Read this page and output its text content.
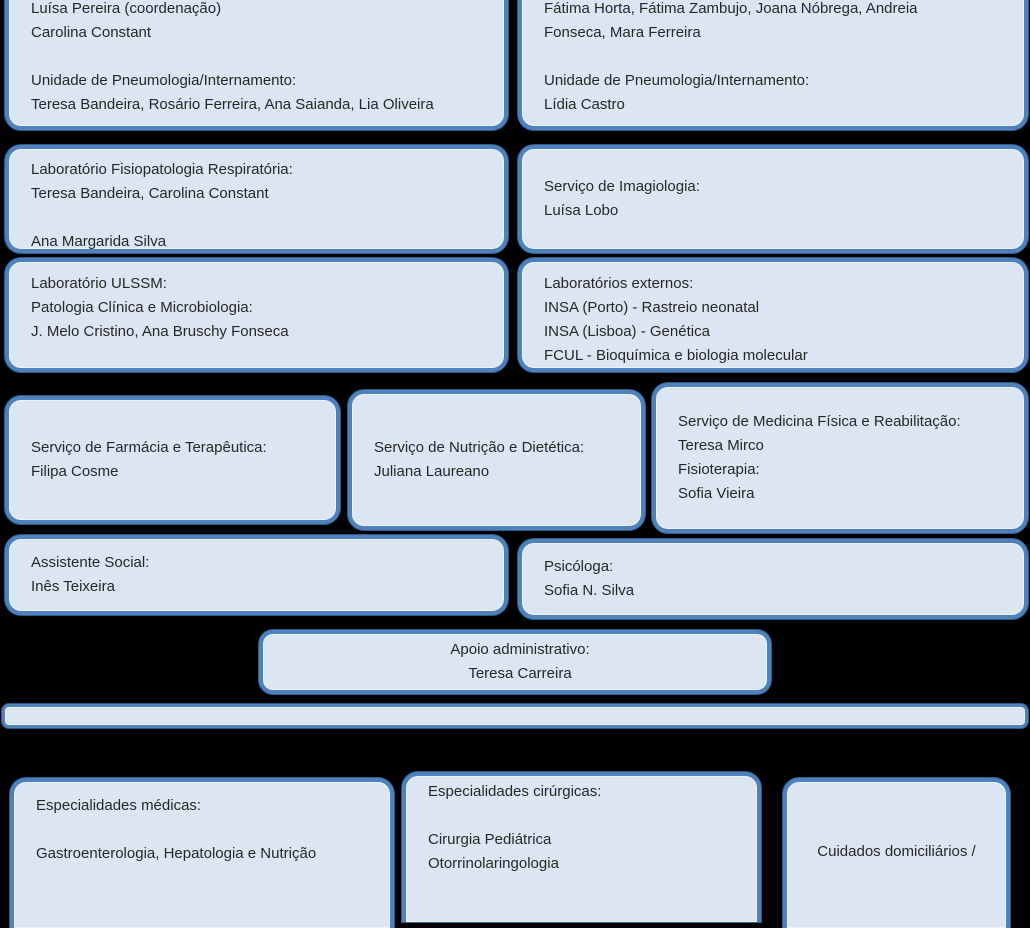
Luísa Pereira (coordenação)
Carolina Constant
Unidade de Pneumologia/Internamento:
Teresa Bandeira, Rosário Ferreira, Ana Saianda, Lia Oliveira
Fátima Horta, Fátima Zambujo, Joana Nóbrega, Andreia
Fonseca, Mara Ferreira
Unidade de Pneumologia/Internamento:
Lídia Castro
Laboratório Fisiopatologia Respiratória:
Teresa Bandeira, Carolina Constant
Ana Margarida Silva
Serviço de Imagiologia:
Luísa Lobo
Laboratório ULSSM:
Patologia Clínica e Microbiologia:
J. Melo Cristino, Ana Bruschy Fonseca
Laboratórios externos:
INSA (Porto) - Rastreio neonatal
INSA (Lisboa) - Genética
FCUL - Bioquímica e biologia molecular
Serviço de Farmácia e Terapêutica:
Filipa Cosme
Serviço de Nutrição e Dietética:
Juliana Laureano
Serviço de Medicina Física e Reabilitação:
Teresa Mirco
Fisioterapia:
Sofia Vieira
Assistente Social:
Inês Teixeira
Psicóloga:
Sofia N. Silva
Apoio administrativo:
Teresa Carreira
Especialidades médicas:
Gastroenterologia, Hepatologia e Nutrição
Especialidades cirúrgicas:
Cirurgia Pediátrica
Otorrinolaringologia
Cuidados domiciliários /
